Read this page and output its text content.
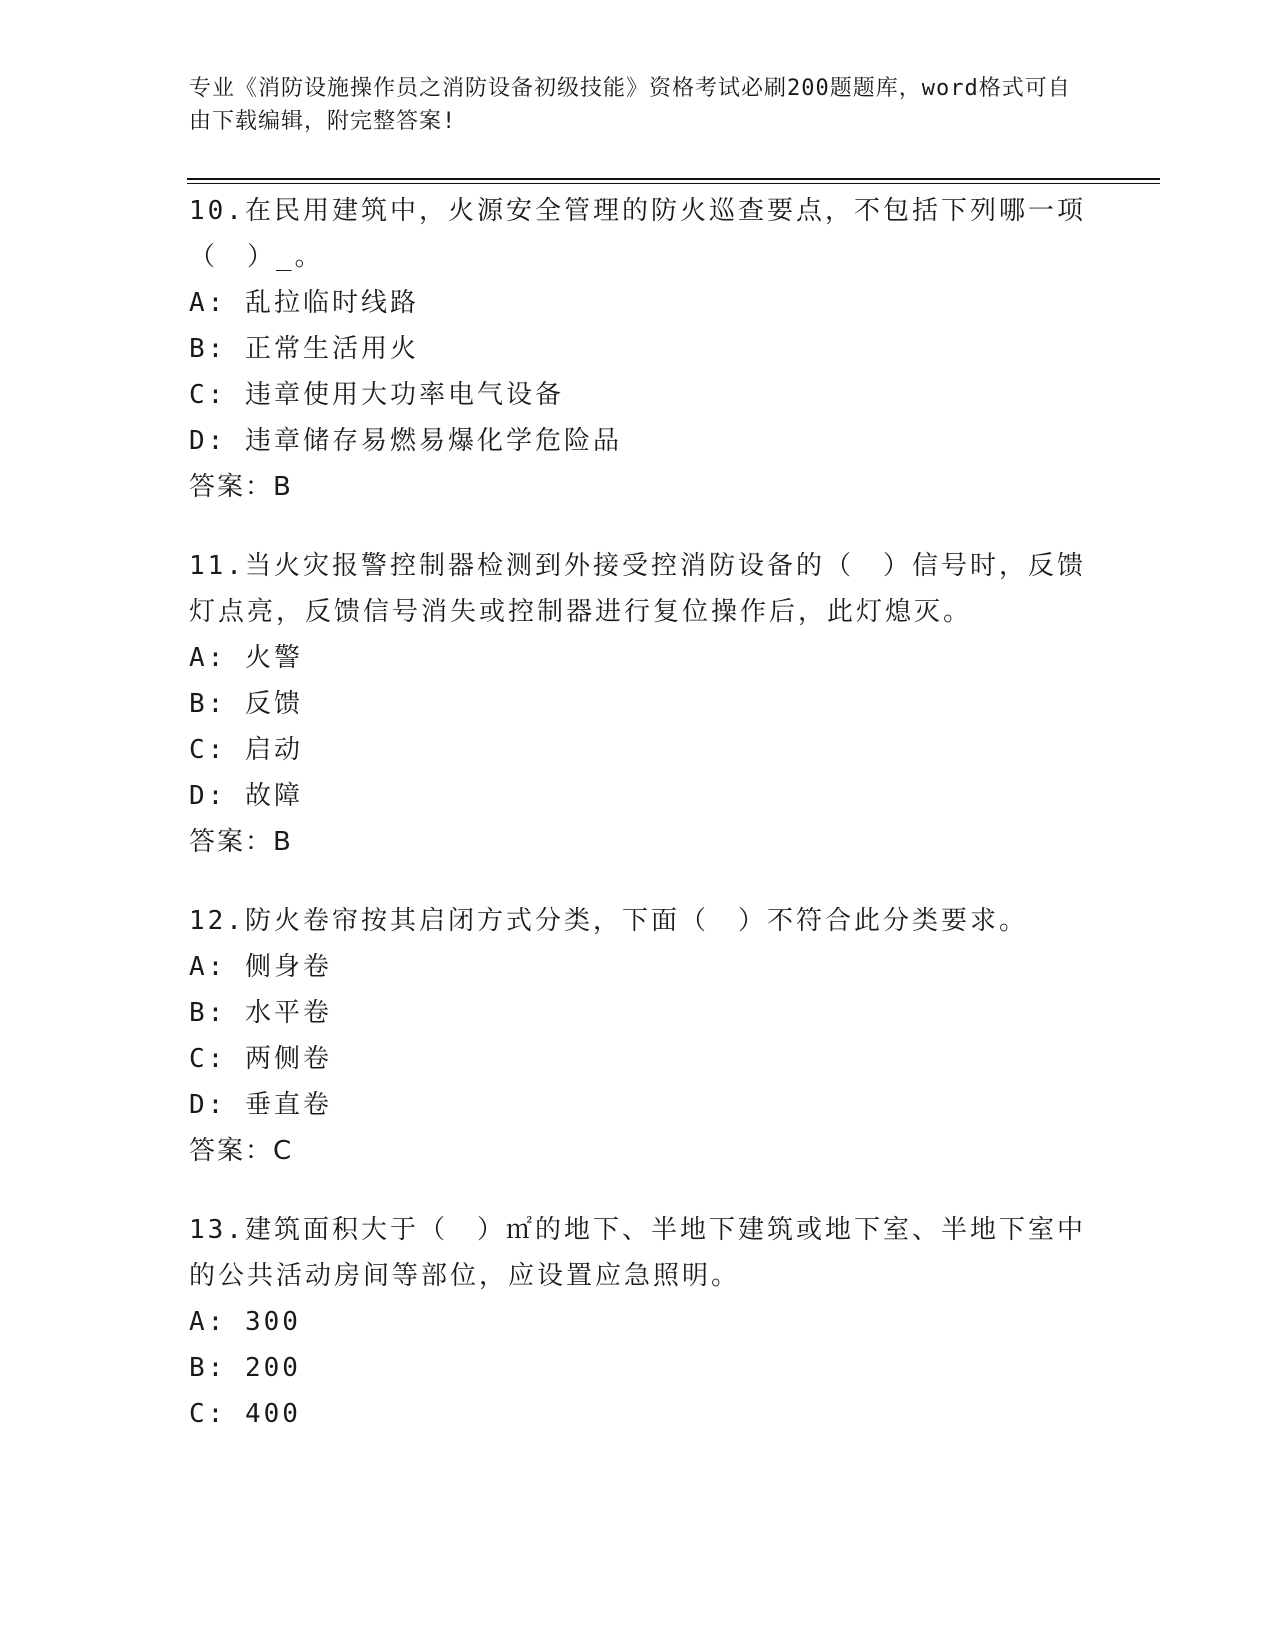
专业《消防设施操作员之消防设备初级技能》资格考试必刷200题题库，word格式可自由下载编辑，附完整答案!
10.在民用建筑中，火源安全管理的防火巡查要点，不包括下列哪一项（　）_。
A: 乱拉临时线路
B: 正常生活用火
C: 违章使用大功率电气设备
D: 违章储存易燃易爆化学危险品
答案：B
11.当火灾报警控制器检测到外接受控消防设备的（　）信号时，反馈灯点亮，反馈信号消失或控制器进行复位操作后，此灯熄灭。
A: 火警
B: 反馈
C: 启动
D: 故障
答案：B
12.防火卷帘按其启闭方式分类，下面（　）不符合此分类要求。
A: 侧身卷
B: 水平卷
C: 两侧卷
D: 垂直卷
答案：C
13.建筑面积大于（　）㎡的地下、半地下建筑或地下室、半地下室中的公共活动房间等部位，应设置应急照明。
A: 300
B: 200
C: 400
